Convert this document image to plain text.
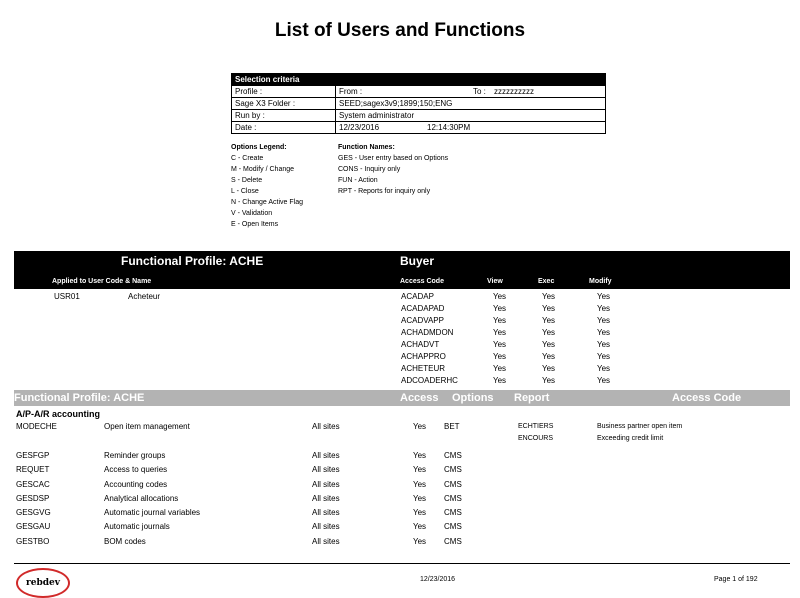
List of Users and Functions
Selection criteria
Profile :	From :	To : zzzzzzzzzz
Sage X3 Folder :	SEED;sagex3v9;1899;150;ENG
Run by :	System administrator
Date :	12/23/2016	12:14:30PM
Options Legend:
C - Create
M - Modify / Change
S - Delete
L - Close
N - Change Active Flag
V - Validation
E - Open Items
Function Names:
GES - User entry based on Options
CONS - Inquiry only
FUN - Action
RPT - Reports for inquiry only
Functional Profile: ACHE	Buyer
Applied to User Code & Name	Access Code	View	Exec	Modify
USR01	Acheteur	ACADAP	Yes	Yes	Yes
ACADAPAD	Yes	Yes	Yes
ACADVAPP	Yes	Yes	Yes
ACHADMDON	Yes	Yes	Yes
ACHADVT	Yes	Yes	Yes
ACHAPPRO	Yes	Yes	Yes
ACHETEUR	Yes	Yes	Yes
ADCOADERHC	Yes	Yes	Yes
Functional Profile: ACHE	Access Options Report	Access Code
A/P-A/R accounting
MODECHE	Open item management	All sites	Yes BET	ECHTIERS	Business partner open item
ENCOURS	Exceeding credit limit
GESFGP	Reminder groups	All sites	Yes CMS
REQUET	Access to queries	All sites	Yes CMS
GESCAC	Accounting codes	All sites	Yes CMS
GESDSP	Analytical allocations	All sites	Yes CMS
GESGVG	Automatic journal variables	All sites	Yes CMS
GESGAU	Automatic journals	All sites	Yes CMS
GESTBO	BOM codes	All sites	Yes CMS
rebdev	12/23/2016	Page 1 of 192
